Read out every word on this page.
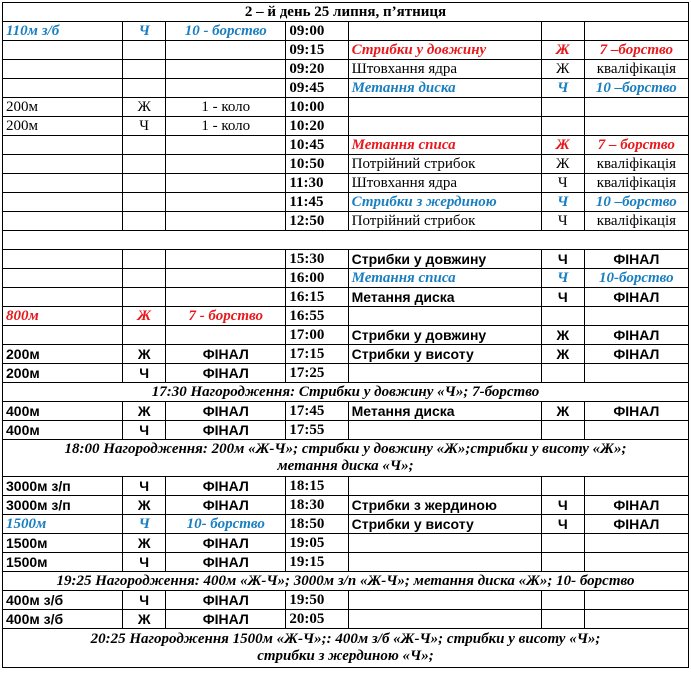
2 – й день 25 липня, п’ятниця						
110м з/б	Ч	10 - борство	09:00			
			09:15	Стрибки у довжину	Ж	7 –борство
			09:20	Штовхання ядра	Ж	кваліфікація
			09:45	Метання диска	Ч	10 –борство
200м	Ж	1 - коло	10:00			
200м	Ч	1 - коло	10:20			
			10:45	Метання списа	Ж	7 – борство
			10:50	Потрійний стрибок	Ж	кваліфікація
			11:30	Штовхання ядра	Ч	кваліфікація
			11:45	Стрибки з жердиною	Ч	10 –борство
			12:50	Потрійний стрибок	Ч	кваліфікація

			15:30	Стрибки у довжину	Ч	ФІНАЛ
			16:00	Метання списа	Ч	10-борство
			16:15	Метання диска	Ч	ФІНАЛ
800м	Ж	7 - борство	16:55			
			17:00	Стрибки у довжину	Ж	ФІНАЛ
200м	Ж	ФІНАЛ	17:15	Стрибки у висоту	Ж	ФІНАЛ
200м	Ч	ФІНАЛ	17:25			

17:30 Нагородження: Стрибки у довжину «Ч»; 7-борство						

400м	Ж	ФІНАЛ	17:45	Метання диска	Ж	ФІНАЛ
400м	Ч	ФІНАЛ	17:55			

18:00 Нагородження: 200м «Ж-Ч»; стрибки у довжину «Ж»;стрибки у висоту «Ж»;
метання диска «Ч»;						

3000м з/п	Ч	ФІНАЛ	18:15			
3000м з/п	Ж	ФІНАЛ	18:30	Стрибки з жердиною	Ч	ФІНАЛ
1500м	Ч	10- борство	18:50	Стрибки у висоту	Ч	ФІНАЛ
1500м	Ж	ФІНАЛ	19:05			
1500м	Ч	ФІНАЛ	19:15			

19:25 Нагородження: 400м «Ж-Ч»; 3000м з/п «Ж-Ч»; метання диска «Ж»; 10- борство						

400м з/б	Ч	ФІНАЛ	19:50			
400м з/б	Ж	ФІНАЛ	20:05			

20:25 Нагородження 1500м «Ж-Ч»;: 400м з/б «Ж-Ч»; стрибки у висоту «Ч»;
стрибки з жердиною «Ч»;						
